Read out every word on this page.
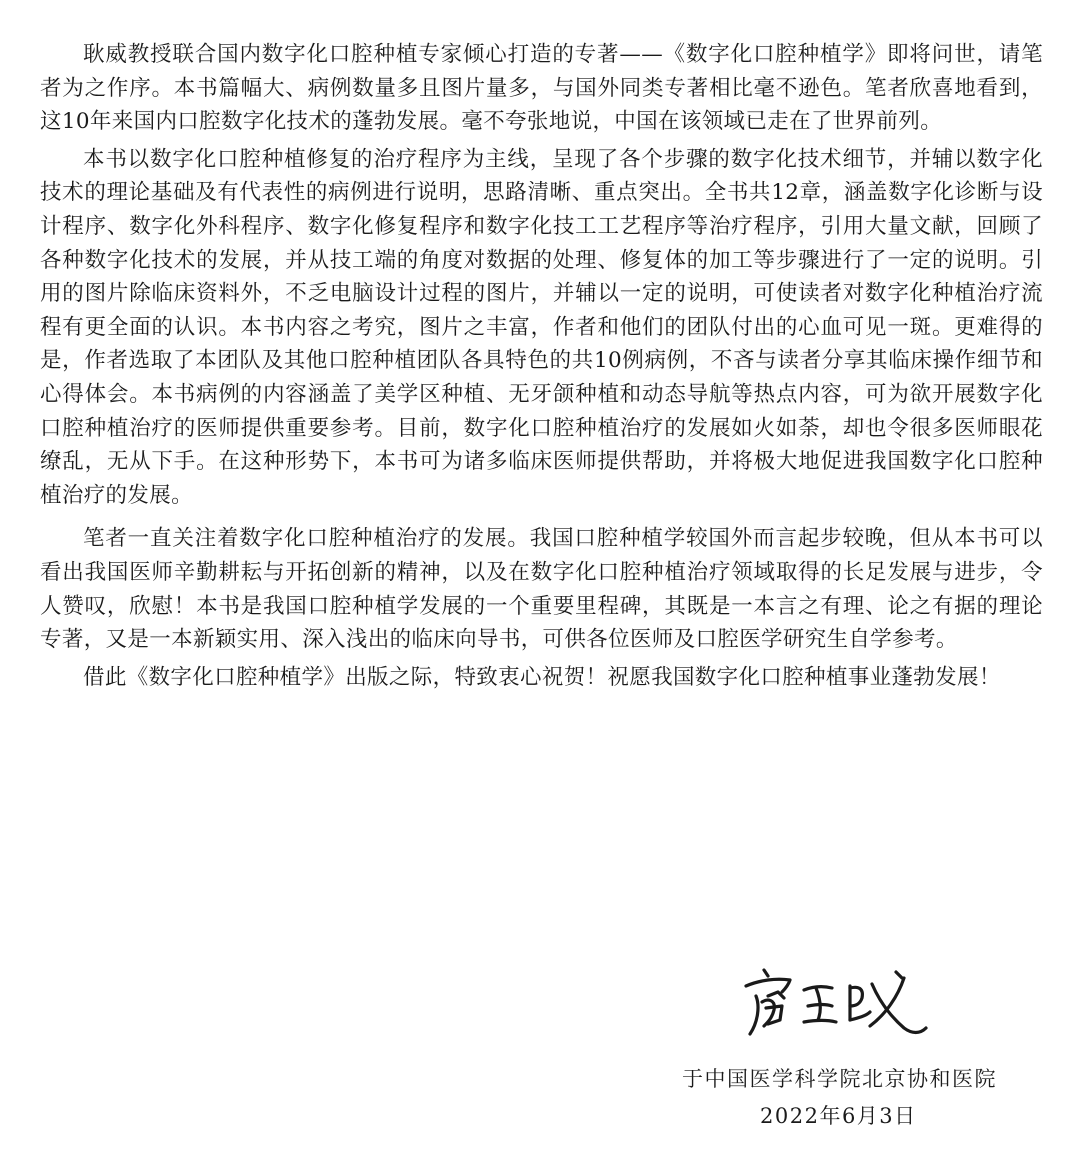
耿威教授联合国内数字化口腔种植专家倾心打造的专著——《数字化口腔种植学》即将问世，请笔者为之作序。本书篇幅大、病例数量多且图片量多，与国外同类专著相比毫不逊色。笔者欣喜地看到，这10年来国内口腔数字化技术的蓬勃发展。毫不夸张地说，中国在该领域已走在了世界前列。

本书以数字化口腔种植修复的治疗程序为主线，呈现了各个步骤的数字化技术细节，并辅以数字化技术的理论基础及有代表性的病例进行说明，思路清晰、重点突出。全书共12章，涵盖数字化诊断与设计程序、数字化外科程序、数字化修复程序和数字化技工工艺程序等治疗程序，引用大量文献，回顾了各种数字化技术的发展，并从技工端的角度对数据的处理、修复体的加工等步骤进行了一定的说明。引用的图片除临床资料外，不乏电脑设计过程的图片，并辅以一定的说明，可使读者对数字化种植治疗流程有更全面的认识。本书内容之考究，图片之丰富，作者和他们的团队付出的心血可见一斑。更难得的是，作者选取了本团队及其他口腔种植团队各具特色的共10例病例，不吝与读者分享其临床操作细节和心得体会。本书病例的内容涵盖了美学区种植、无牙颌种植和动态导航等热点内容，可为欲开展数字化口腔种植治疗的医师提供重要参考。目前，数字化口腔种植治疗的发展如火如荼，却也令很多医师眼花缭乱，无从下手。在这种形势下，本书可为诸多临床医师提供帮助，并将极大地促进我国数字化口腔种植治疗的发展。

笔者一直关注着数字化口腔种植治疗的发展。我国口腔种植学较国外而言起步较晚，但从本书可以看出我国医师辛勤耕耘与开拓创新的精神，以及在数字化口腔种植治疗领域取得的长足发展与进步，令人赞叹，欣慰！本书是我国口腔种植学发展的一个重要里程碑，其既是一本言之有理、论之有据的理论专著，又是一本新颖实用、深入浅出的临床向导书，可供各位医师及口腔医学研究生自学参考。

借此《数字化口腔种植学》出版之际，特致衷心祝贺！祝愿我国数字化口腔种植事业蓬勃发展！

于中国医学科学院北京协和医院
2022年6月3日
